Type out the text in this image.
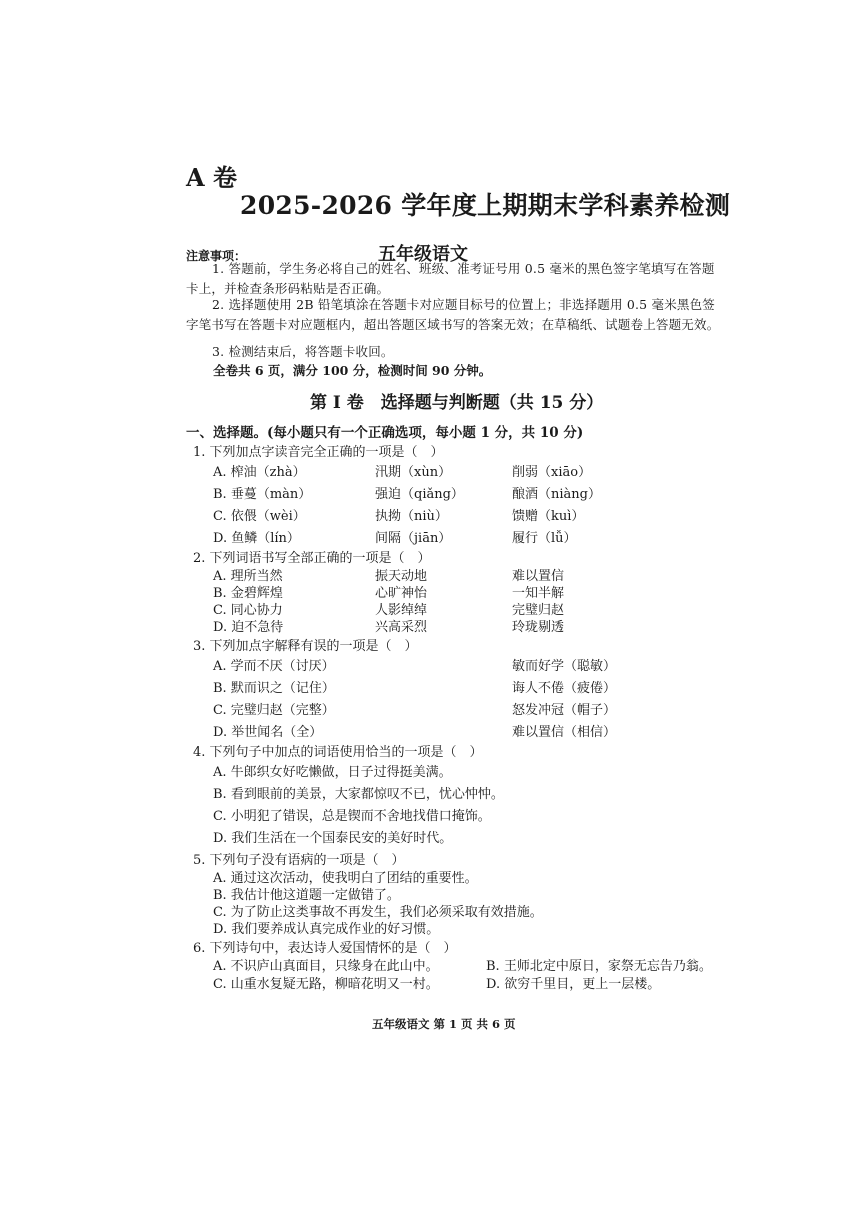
A 卷
2025-2026 学年度上期期末学科素养检测
注意事项：	五年级语文
1. 答题前，学生务必将自己的姓名、班级、准考证号用 0.5 毫米的黑色签字笔填写在答题卡上，并检查条形码粘贴是否正确。
2. 选择题使用 2B 铅笔填涂在答题卡对应题目标号的位置上；非选择题用 0.5 毫米黑色签字笔书写在答题卡对应题框内，超出答题区域书写的答案无效；在草稿纸、试题卷上答题无效。
3. 检测结束后，将答题卡收回。
全卷共 6 页，满分 100 分，检测时间 90 分钟。
第 I 卷　选择题与判断题（共 15 分）
一、选择题。(每小题只有一个正确选项，每小题 1 分，共 10 分)
1. 下列加点字读音完全正确的一项是（　）
A. 榨油（zhà）	汛期（xùn）	削弱（xiāo）
B. 垂蔓（màn）	强迫（qiǎng）	酿酒（niàng）
C. 依偎（wèi）	执拗（niù）	馈赠（kuì）
D. 鱼鳞（lín）	间隔（jiān）	履行（lǚ）
2. 下列词语书写全部正确的一项是（　）
A. 理所当然	振天动地	难以置信
B. 金碧辉煌	心旷神怡	一知半解
C. 同心协力	人影绰绰	完璧归赵
D. 迫不急待	兴高采烈	玲珑剔透
3. 下列加点字解释有误的一项是（　）
A. 学而不厌（讨厌）	敏而好学（聪敏）
B. 默而识之（记住）	诲人不倦（疲倦）
C. 完璧归赵（完整）	怒发冲冠（帽子）
D. 举世闻名（全）	难以置信（相信）
4. 下列句子中加点的词语使用恰当的一项是（　）
A. 牛郎织女好吃懒做，日子过得挺美满。
B. 看到眼前的美景，大家都惊叹不已，忧心忡忡。
C. 小明犯了错误，总是锲而不舍地找借口掩饰。
D. 我们生活在一个国泰民安的美好时代。
5. 下列句子没有语病的一项是（　）
A. 通过这次活动，使我明白了团结的重要性。
B. 我估计他这道题一定做错了。
C. 为了防止这类事故不再发生，我们必须采取有效措施。
D. 我们要养成认真完成作业的好习惯。
6. 下列诗句中，表达诗人爱国情怀的是（　）
A. 不识庐山真面目，只缘身在此山中。	B. 王师北定中原日，家祭无忘告乃翁。
C. 山重水复疑无路，柳暗花明又一村。	D. 欲穷千里目，更上一层楼。
五年级语文 第 1 页 共 6 页
